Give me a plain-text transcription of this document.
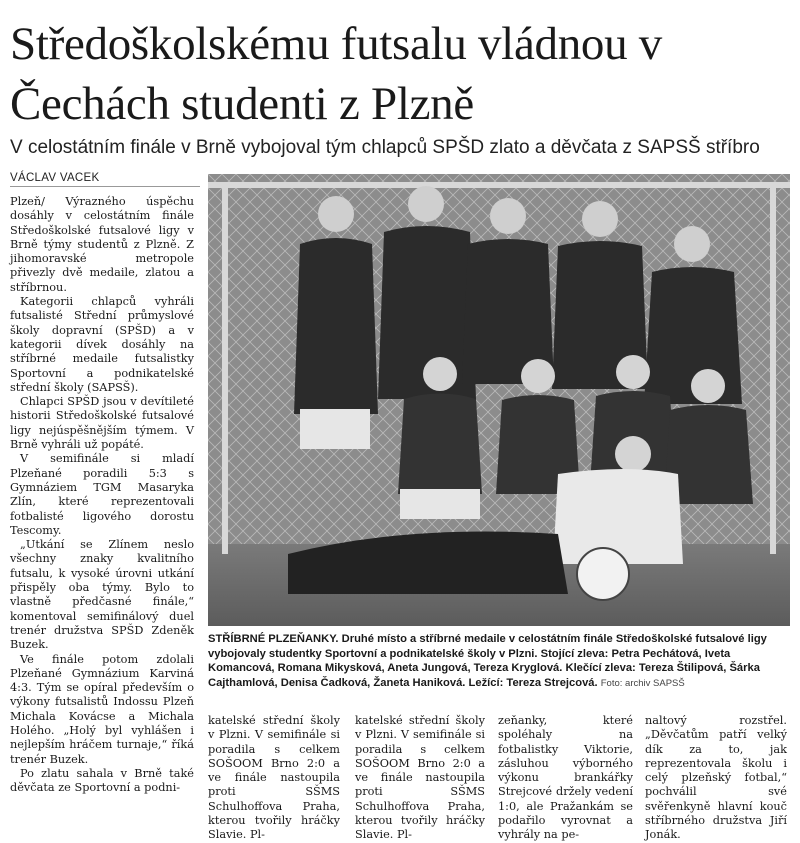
Středoškolskému futsalu vládnou v Čechách studenti z Plzně
V celostátním finále v Brně vybojoval tým chlapců SPŠD zlato a děvčata z SAPSŠ stříbro
VÁCLAV VACEK

Plzeň/ Výrazného úspěchu dosáhly v celostátním finále Středoškolské futsalové ligy v Brně týmy studentů z Plzně. Z jihomoravské metropole přivezly dvě medaile, zlatou a stříbrnou.

Kategorii chlapců vyhráli futsalisté Střední průmyslové školy dopravní (SPŠD) a v kategorii dívek dosáhly na stříbrné medaile futsalistky Sportovní a podnikatelské střední školy (SAPSŠ).

Chlapci SPŠD jsou v devítileté historii Středoškolské futsalové ligy nejúspěšnějším týmem. V Brně vyhráli už popáté.

V semifinále si mladí Plzeňané poradili 5:3 s Gymnáziem TGM Masaryka Zlín, které reprezentovali fotbalisté ligového dorostu Tescomy.

„Utkání se Zlínem neslo všechny znaky kvalitního futsalu, k vysoké úrovni utkání přispěly oba týmy. Bylo to vlastně předčasné finále,“ komentoval semifinálový duel trenér družstva SPŠD Zdeněk Buzek.

Ve finále potom zdolali Plzeňané Gymnázium Karviná 4:3. Tým se opíral především o výkony futsalistů Indossu Plzeň Michala Kovácse a Michala Holého. „Holý byl vyhlášen i nejlepším hráčem turnaje,“ říká trenér Buzek.

Po zlatu sahala v Brně také děvčata ze Sportovní a podni-

STŘÍBRNÉ PLZEŇANKY. Druhé místo a stříbrné medaile v celostátním finále Středoškolské futsalové ligy vybojovaly studentky Sportovní a podnikatelské školy v Plzni. Stojící zleva: Petra Pechátová, Iveta Komancová, Romana Mikysková, Aneta Jungová, Tereza Kryglová. Klečící zleva: Tereza Štilipová, Šárka Cajthamlová, Denisa Čadková, Žaneta Haniková. Ležící: Tereza Strejcová. Foto: archiv SAPSŠ

katelské střední školy v Plzni. V semifinále si poradila s celkem SOŠOOM Brno 2:0 a ve finále nastoupila proti SŠMS Schulhoffova Praha, kterou tvořily hráčky Slavie. Pl-

katelské střední školy v Plzni. V semifinále si poradila s celkem SOŠOOM Brno 2:0 a ve finále nastoupila proti SŠMS Schulhoffova Praha, kterou tvořily hráčky Slavie. Pl-

zeňanky, které spoléhaly na fotbalistky Viktorie, zásluhou výborného výkonu brankářky Strejcové držely vedení 1:0, ale Pražankám se podařilo vyrovnat a vyhrály na pe-

naltový rozstřel. „Děvčatům patří velký dík za to, jak reprezentovala školu i celý plzeňský fotbal,“ pochválil své svěřenkyně hlavní kouč stříbrného družstva Jiří Jonák.
